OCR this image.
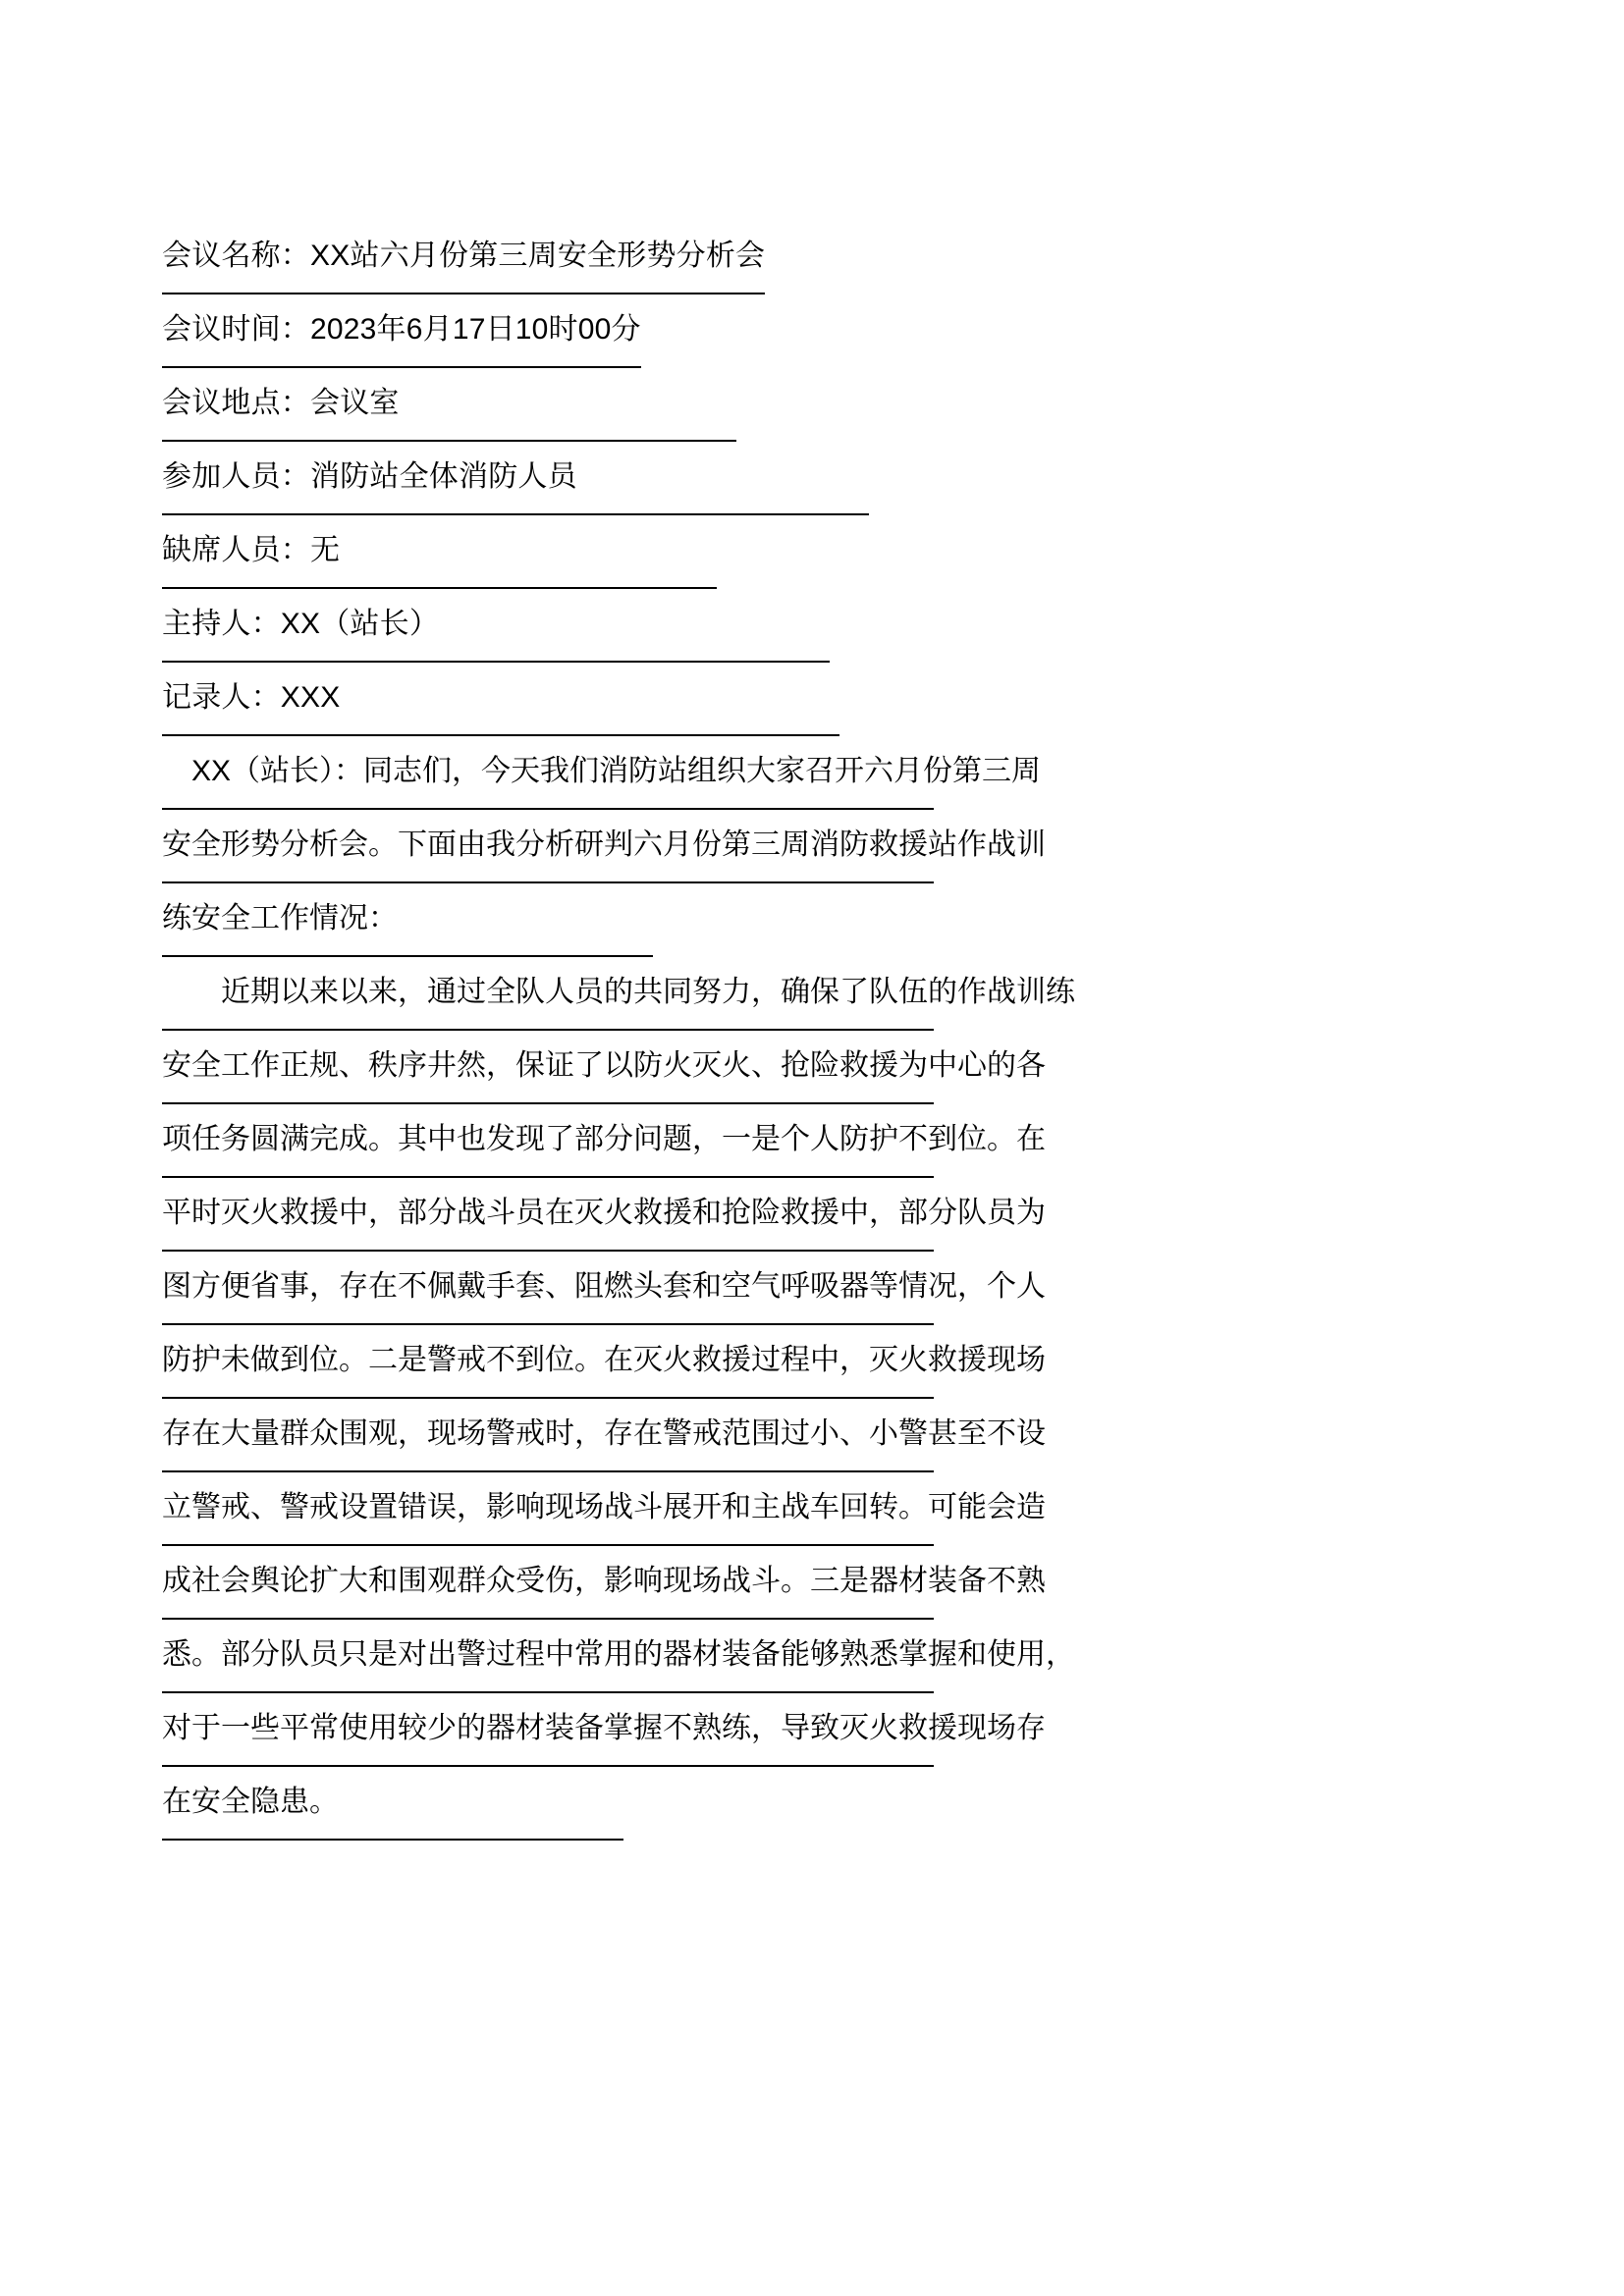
会议名称：XX站六月份第三周安全形势分析会
会议时间：2023年6月17日10时00分
会议地点：会议室
参加人员：消防站全体消防人员
缺席人员：无
主持人：XX（站长）
记录人：XXX
　XX（站长）：同志们，今天我们消防站组织大家召开六月份第三周
安全形势分析会。下面由我分析研判六月份第三周消防救援站作战训
练安全工作情况：
　　近期以来以来，通过全队人员的共同努力，确保了队伍的作战训练
安全工作正规、秩序井然，保证了以防火灭火、抢险救援为中心的各
项任务圆满完成。其中也发现了部分问题，一是个人防护不到位。在
平时灭火救援中，部分战斗员在灭火救援和抢险救援中，部分队员为
图方便省事，存在不佩戴手套、阻燃头套和空气呼吸器等情况，个人
防护未做到位。二是警戒不到位。在灭火救援过程中，灭火救援现场
存在大量群众围观，现场警戒时，存在警戒范围过小、小警甚至不设
立警戒、警戒设置错误，影响现场战斗展开和主战车回转。可能会造
成社会舆论扩大和围观群众受伤，影响现场战斗。三是器材装备不熟
悉。部分队员只是对出警过程中常用的器材装备能够熟悉掌握和使用，
对于一些平常使用较少的器材装备掌握不熟练，导致灭火救援现场存
在安全隐患。
